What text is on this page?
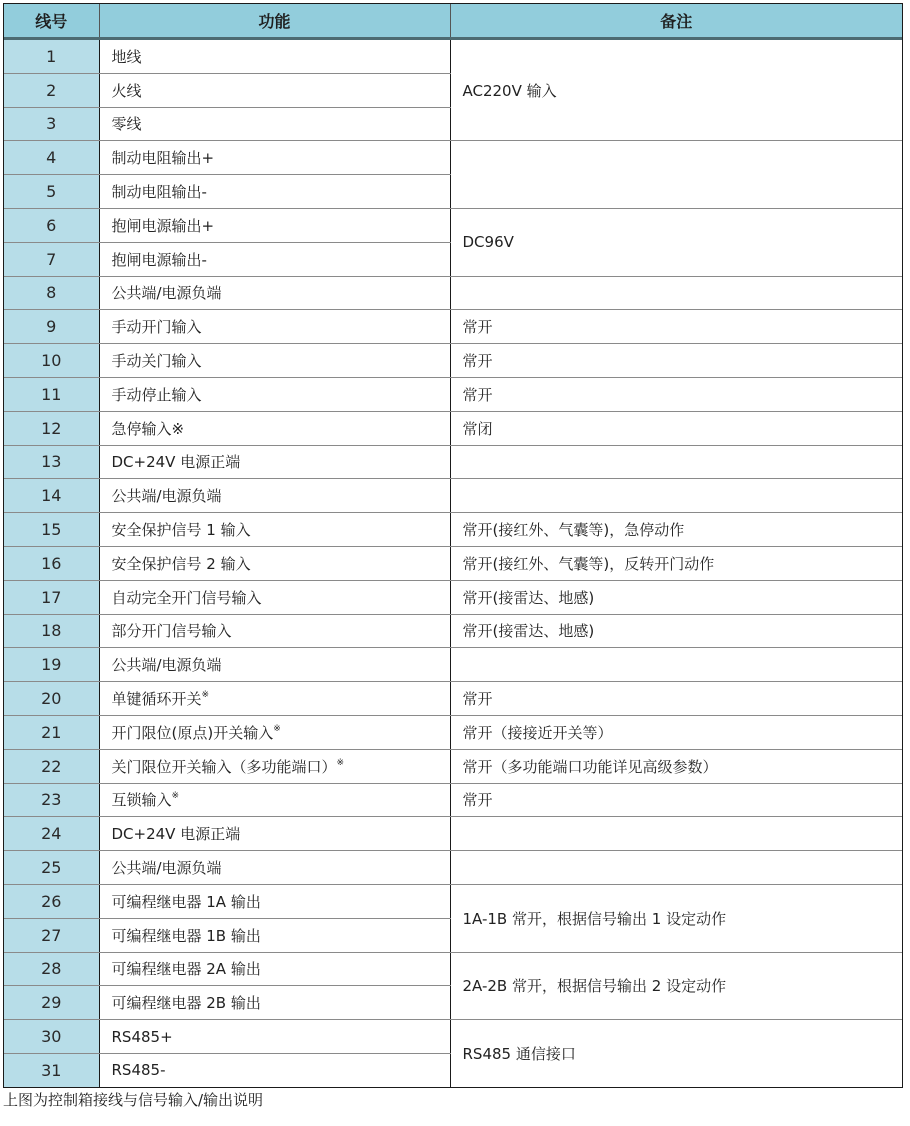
线号	功能	备注
1	地线	AC220V 输入
2	火线	
3	零线	
4	制动电阻输出+	
5	制动电阻输出-	
6	抱闸电源输出+	DC96V
7	抱闸电源输出-	
8	公共端/电源负端	
9	手动开门输入	常开
10	手动关门输入	常开
11	手动停止输入	常开
12	急停输入※	常闭
13	DC+24V 电源正端	
14	公共端/电源负端	
15	安全保护信号 1 输入	常开(接红外、气囊等)，急停动作
16	安全保护信号 2 输入	常开(接红外、气囊等)，反转开门动作
17	自动完全开门信号输入	常开(接雷达、地感)
18	部分开门信号输入	常开(接雷达、地感)
19	公共端/电源负端	
20	单键循环开关※	常开
21	开门限位(原点)开关输入※	常开（接接近开关等）
22	关门限位开关输入（多功能端口）※	常开（多功能端口功能详见高级参数）
23	互锁输入※	常开
24	DC+24V 电源正端	
25	公共端/电源负端	
26	可编程继电器 1A 输出	1A-1B 常开，根据信号输出 1 设定动作
27	可编程继电器 1B 输出	
28	可编程继电器 2A 输出	2A-2B 常开，根据信号输出 2 设定动作
29	可编程继电器 2B 输出	
30	RS485+	RS485 通信接口
31	RS485-	
上图为控制箱接线与信号输入/输出说明
